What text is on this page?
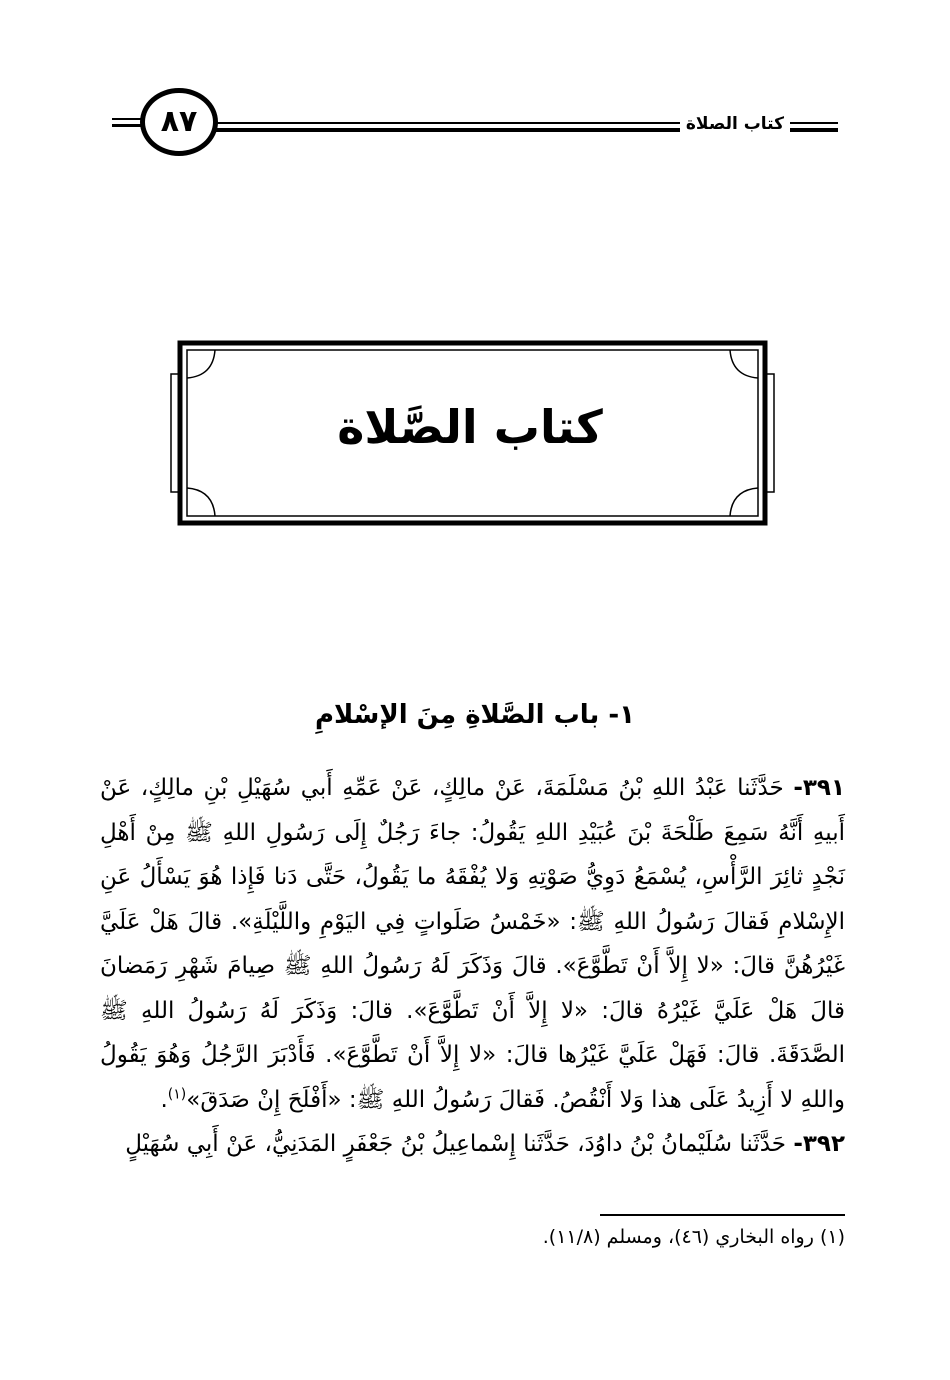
٨٧	كتاب الصلاة
كتاب الصَّلاة
١- باب الصَّلاةِ مِنَ الإسْلامِ

٣٩١- حَدَّثَنا عَبْدُ اللهِ بْنُ مَسْلَمَةَ، عَنْ مالِكٍ، عَنْ عَمِّهِ أَبي سُهَيْلِ بْنِ مالِكٍ، عَنْ أَبيهِ أَنَّهُ سَمِعَ طَلْحَةَ بْنَ عُبَيْدِ اللهِ يَقُولُ: جاءَ رَجُلٌ إِلَى رَسُولِ اللهِ ﷺ مِنْ أَهْلِ نَجْدٍ ثائِرَ الرَّأْسِ، يُسْمَعُ دَوِيُّ صَوْتِهِ وَلا يُفْقَهُ ما يَقُولُ، حَتَّى دَنا فَإِذا هُوَ يَسْأَلُ عَنِ الإِسْلامِ فَقالَ رَسُولُ اللهِ ﷺ: «خَمْسُ صَلَواتٍ فِي اليَوْمِ واللَّيْلَةِ». قالَ هَلْ عَلَيَّ غَيْرُهُنَّ قالَ: «لا إِلاَّ أَنْ تَطَّوَّعَ». قالَ وَذَكَرَ لَهُ رَسُولُ اللهِ ﷺ صِيامَ شَهْرِ رَمَضانَ قالَ هَلْ عَلَيَّ غَيْرُهُ قالَ: «لا إِلاَّ أَنْ تَطَّوَّعَ». قالَ: وَذَكَرَ لَهُ رَسُولُ اللهِ ﷺ الصَّدَقَةَ. قالَ: فَهَلْ عَلَيَّ غَيْرُها قالَ: «لا إِلاَّ أَنْ تَطَّوَّعَ». فَأَدْبَرَ الرَّجُلُ وَهُوَ يَقُولُ واللهِ لا أَزِيدُ عَلَى هذا وَلا أَنْقُصُ. فَقالَ رَسُولُ اللهِ ﷺ: «أَفْلَحَ إِنْ صَدَقَ»$^{(١)}$.

٣٩٢- حَدَّثَنا سُلَيْمانُ بْنُ داوُدَ، حَدَّثَنا إِسْماعِيلُ بْنُ جَعْفَرٍ المَدَنِيُّ، عَنْ أَبِي سُهَيْلٍ

(١) رواه البخاري (٤٦)، ومسلم (١١/٨).
